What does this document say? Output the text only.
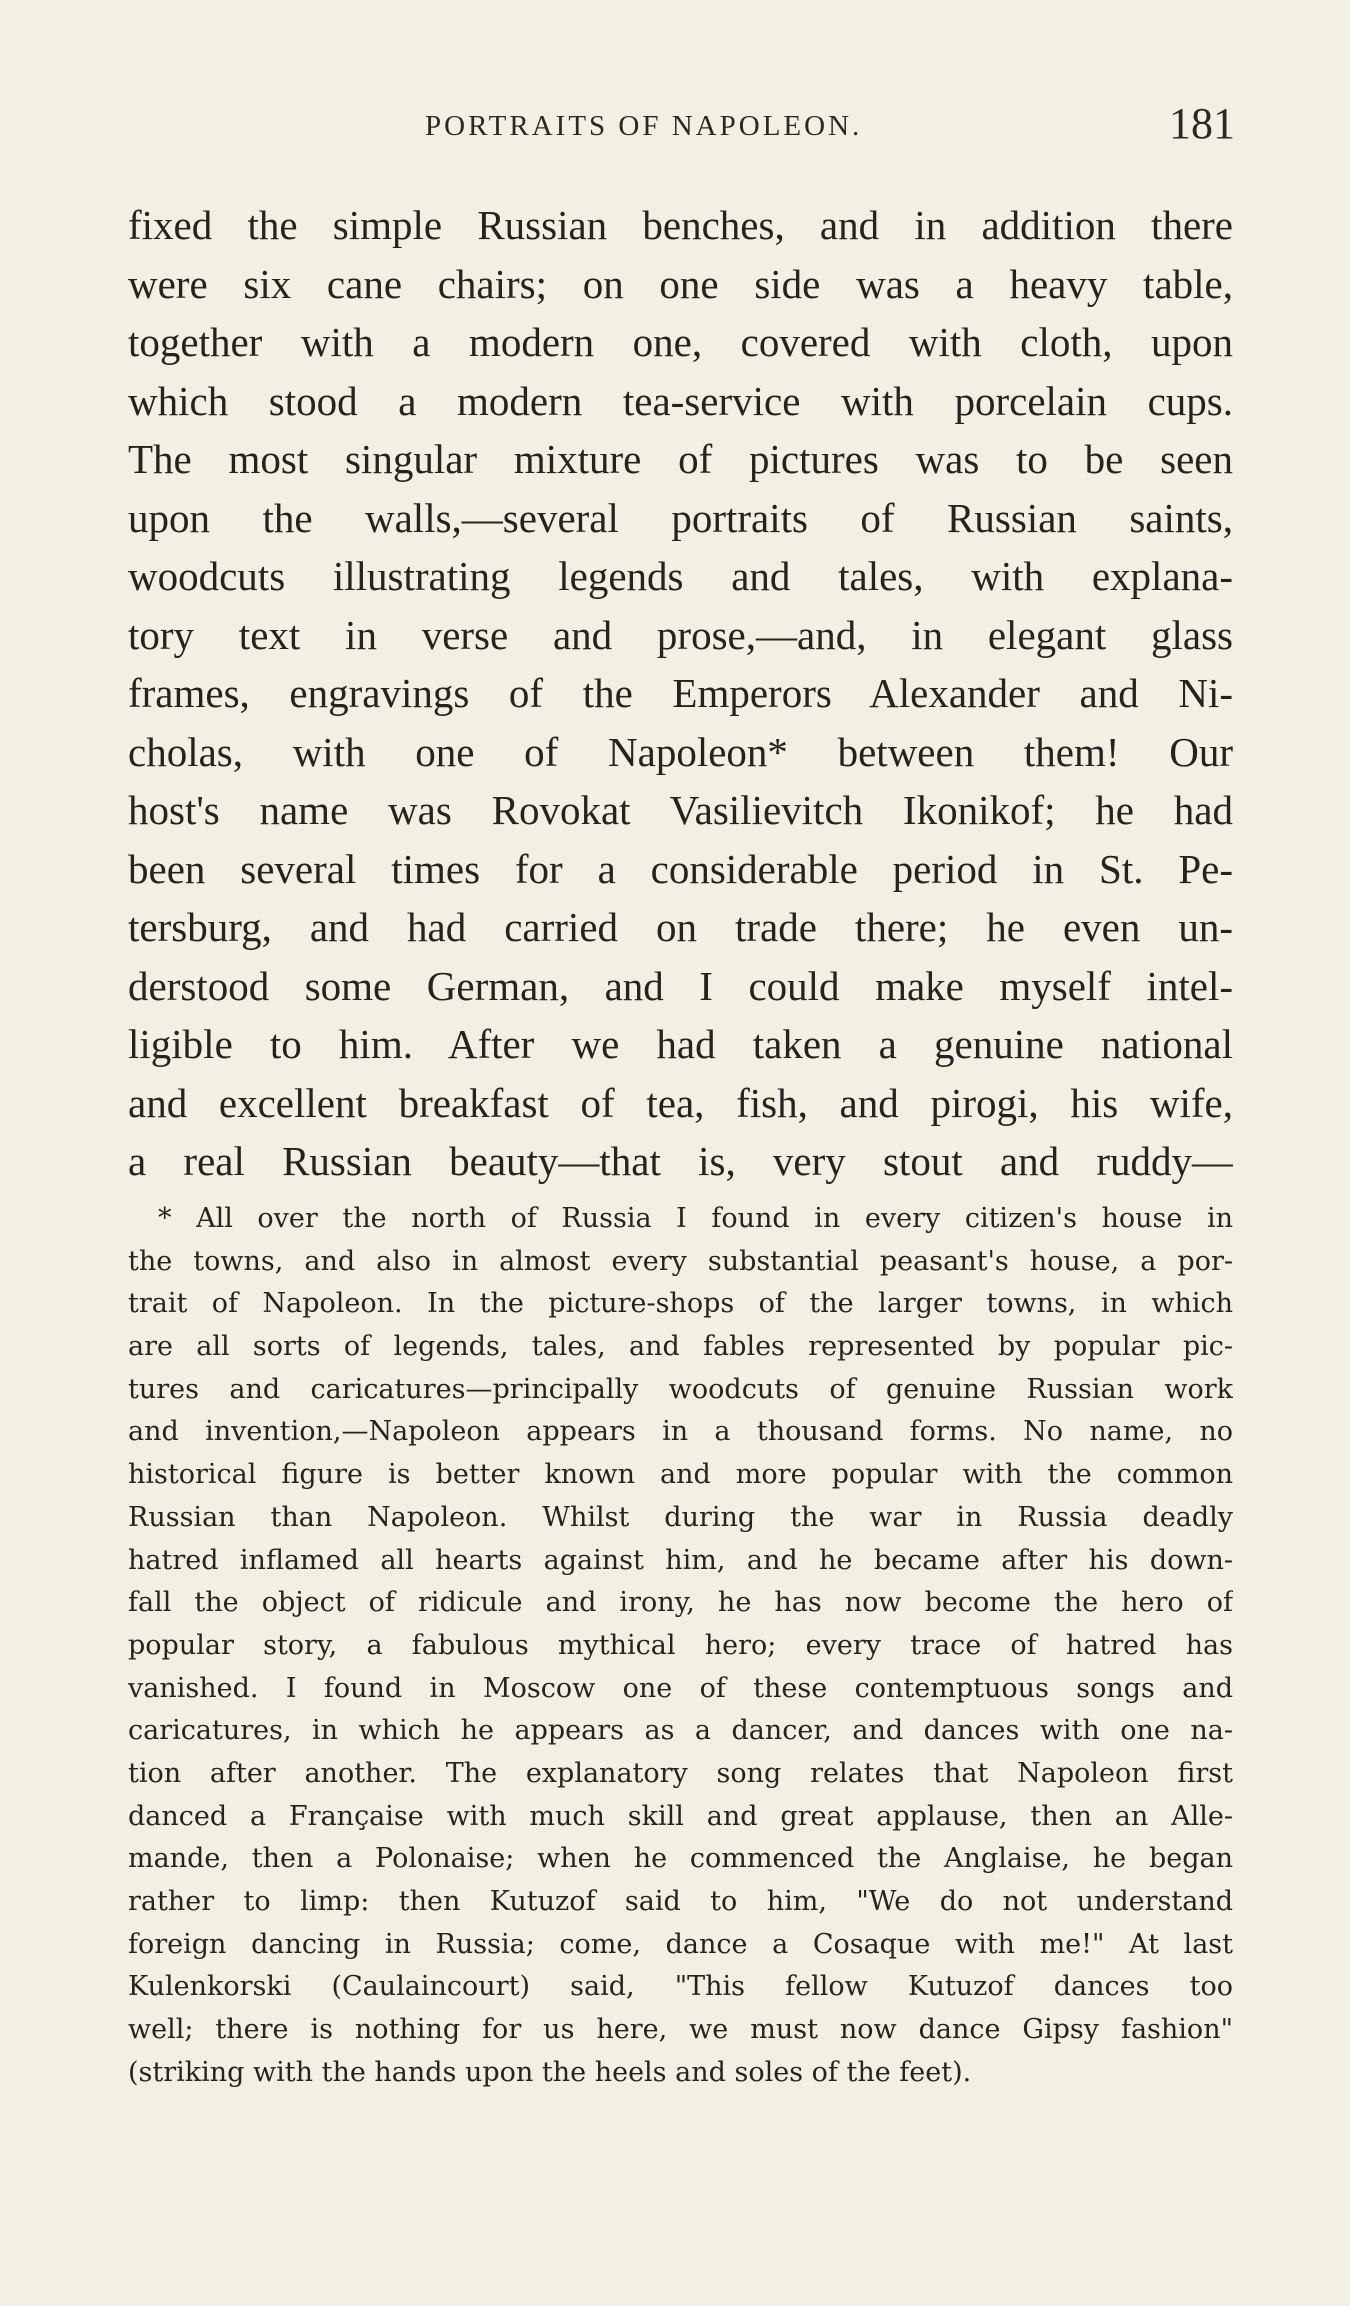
PORTRAITS OF NAPOLEON.	181
fixed the simple Russian benches, and in addition there
were six cane chairs; on one side was a heavy table,
together with a modern one, covered with cloth, upon
which stood a modern tea-service with porcelain cups.
The most singular mixture of pictures was to be seen
upon the walls,—several portraits of Russian saints,
woodcuts illustrating legends and tales, with explana-
tory text in verse and prose,—and, in elegant glass
frames, engravings of the Emperors Alexander and Ni-
cholas, with one of Napoleon* between them! Our
host's name was Rovokat Vasilievitch Ikonikof; he had
been several times for a considerable period in St. Pe-
tersburg, and had carried on trade there; he even un-
derstood some German, and I could make myself intel-
ligible to him. After we had taken a genuine national
and excellent breakfast of tea, fish, and pirogi, his wife,
a real Russian beauty—that is, very stout and ruddy—
* All over the north of Russia I found in every citizen's house in
the towns, and also in almost every substantial peasant's house, a por-
trait of Napoleon. In the picture-shops of the larger towns, in which
are all sorts of legends, tales, and fables represented by popular pic-
tures and caricatures—principally woodcuts of genuine Russian work
and invention,—Napoleon appears in a thousand forms. No name, no
historical figure is better known and more popular with the common
Russian than Napoleon. Whilst during the war in Russia deadly
hatred inflamed all hearts against him, and he became after his down-
fall the object of ridicule and irony, he has now become the hero of
popular story, a fabulous mythical hero; every trace of hatred has
vanished. I found in Moscow one of these contemptuous songs and
caricatures, in which he appears as a dancer, and dances with one na-
tion after another. The explanatory song relates that Napoleon first
danced a Française with much skill and great applause, then an Alle-
mande, then a Polonaise; when he commenced the Anglaise, he began
rather to limp: then Kutuzof said to him, "We do not understand
foreign dancing in Russia; come, dance a Cosaque with me!" At last
Kulenkorski (Caulaincourt) said, "This fellow Kutuzof dances too
well; there is nothing for us here, we must now dance Gipsy fashion"
(striking with the hands upon the heels and soles of the feet).
